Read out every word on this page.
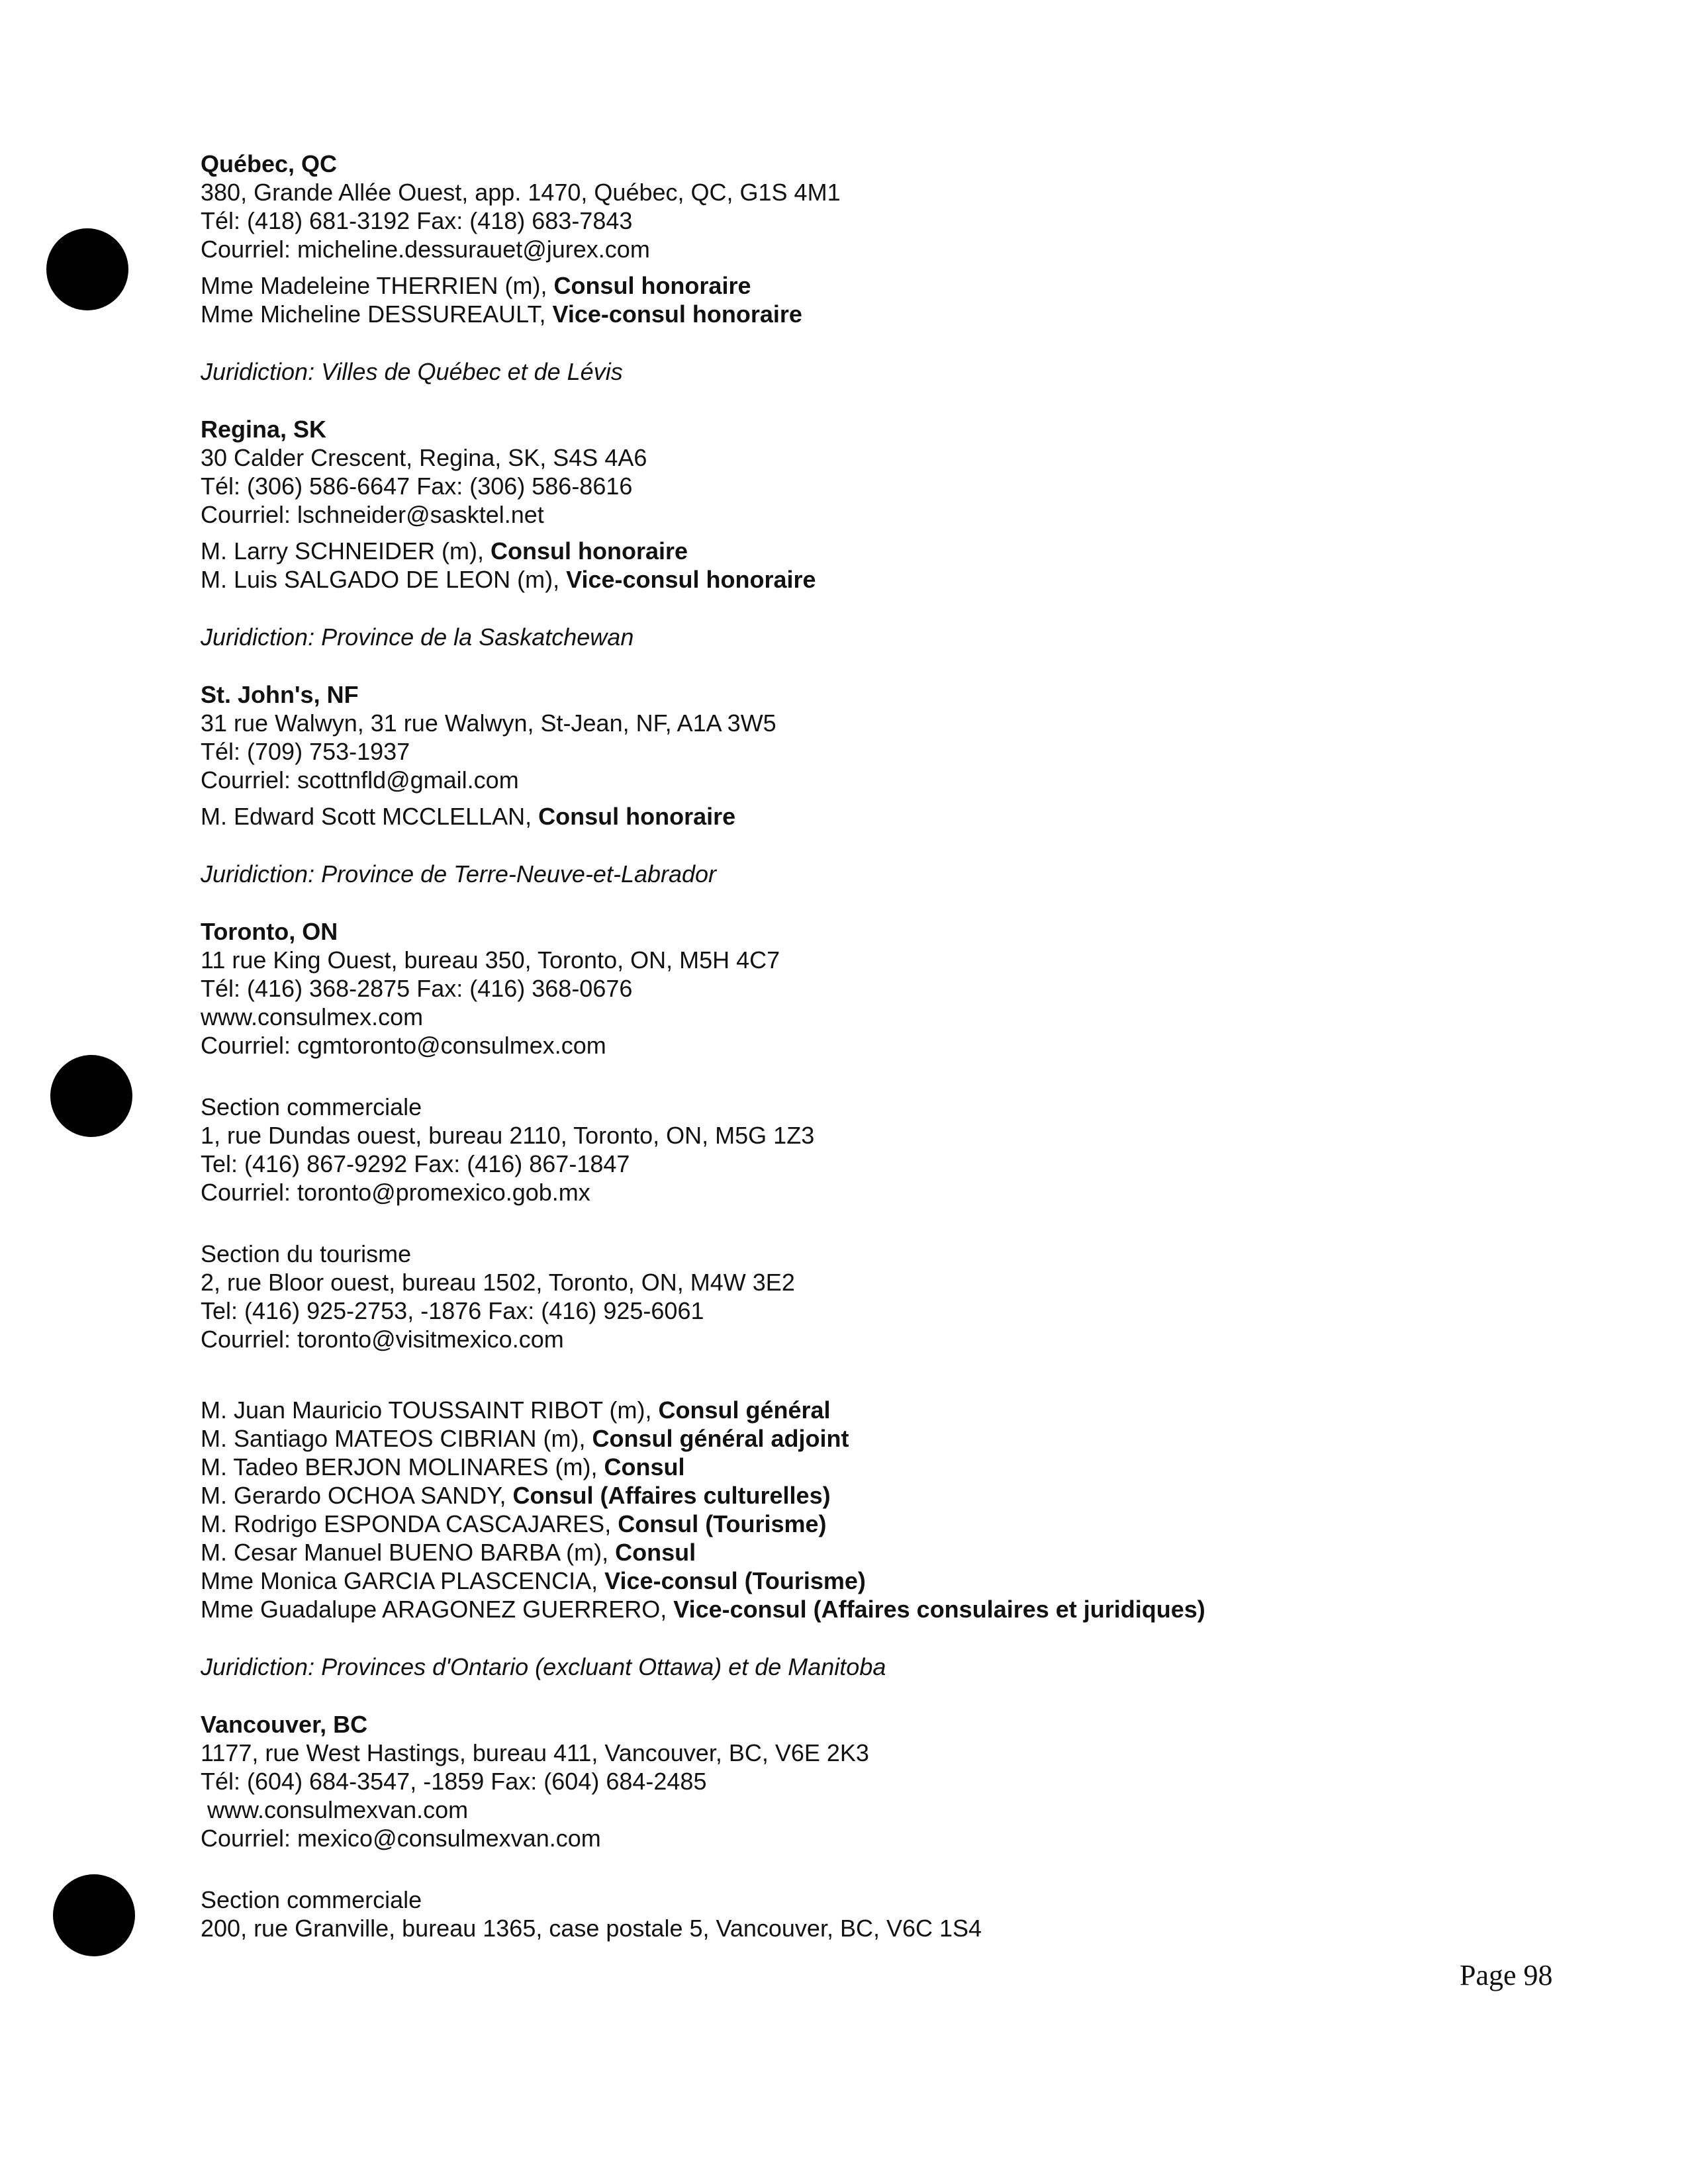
Québec, QC
380, Grande Allée Ouest, app. 1470, Québec, QC, G1S 4M1
Tél: (418) 681-3192 Fax: (418) 683-7843
Courriel: micheline.dessurauet@jurex.com
Mme Madeleine THERRIEN (m), Consul honoraire
Mme Micheline DESSUREAULT, Vice-consul honoraire
Juridiction: Villes de Québec et de Lévis
Regina, SK
30 Calder Crescent, Regina, SK, S4S 4A6
Tél: (306) 586-6647 Fax: (306) 586-8616
Courriel: lschneider@sasktel.net
M. Larry SCHNEIDER (m), Consul honoraire
M. Luis SALGADO DE LEON (m), Vice-consul honoraire
Juridiction: Province de la Saskatchewan
St. John's, NF
31 rue Walwyn, 31 rue Walwyn, St-Jean, NF, A1A 3W5
Tél: (709) 753-1937
Courriel: scottnfld@gmail.com
M. Edward Scott MCCLELLAN, Consul honoraire
Juridiction: Province de Terre-Neuve-et-Labrador
Toronto, ON
11 rue King Ouest, bureau 350, Toronto, ON, M5H 4C7
Tél: (416) 368-2875 Fax: (416) 368-0676
www.consulmex.com
Courriel: cgmtoronto@consulmex.com
Section commerciale
1, rue Dundas ouest, bureau 2110, Toronto, ON, M5G 1Z3
Tel: (416) 867-9292 Fax: (416) 867-1847
Courriel: toronto@promexico.gob.mx
Section du tourisme
2, rue Bloor ouest, bureau 1502, Toronto, ON, M4W 3E2
Tel: (416) 925-2753, -1876 Fax: (416) 925-6061
Courriel: toronto@visitmexico.com
M. Juan Mauricio TOUSSAINT RIBOT (m), Consul général
M. Santiago MATEOS CIBRIAN (m), Consul général adjoint
M. Tadeo BERJON MOLINARES (m), Consul
M. Gerardo OCHOA SANDY, Consul (Affaires culturelles)
M. Rodrigo ESPONDA CASCAJARES, Consul (Tourisme)
M. Cesar Manuel BUENO BARBA (m), Consul
Mme Monica GARCIA PLASCENCIA, Vice-consul (Tourisme)
Mme Guadalupe ARAGONEZ GUERRERO, Vice-consul (Affaires consulaires et juridiques)
Juridiction: Provinces d'Ontario (excluant Ottawa) et de Manitoba
Vancouver, BC
1177, rue West Hastings, bureau 411, Vancouver, BC, V6E 2K3
Tél: (604) 684-3547, -1859 Fax: (604) 684-2485
www.consulmexvan.com
Courriel: mexico@consulmexvan.com
Section commerciale
200, rue Granville, bureau 1365, case postale 5, Vancouver, BC, V6C 1S4
Page 98
